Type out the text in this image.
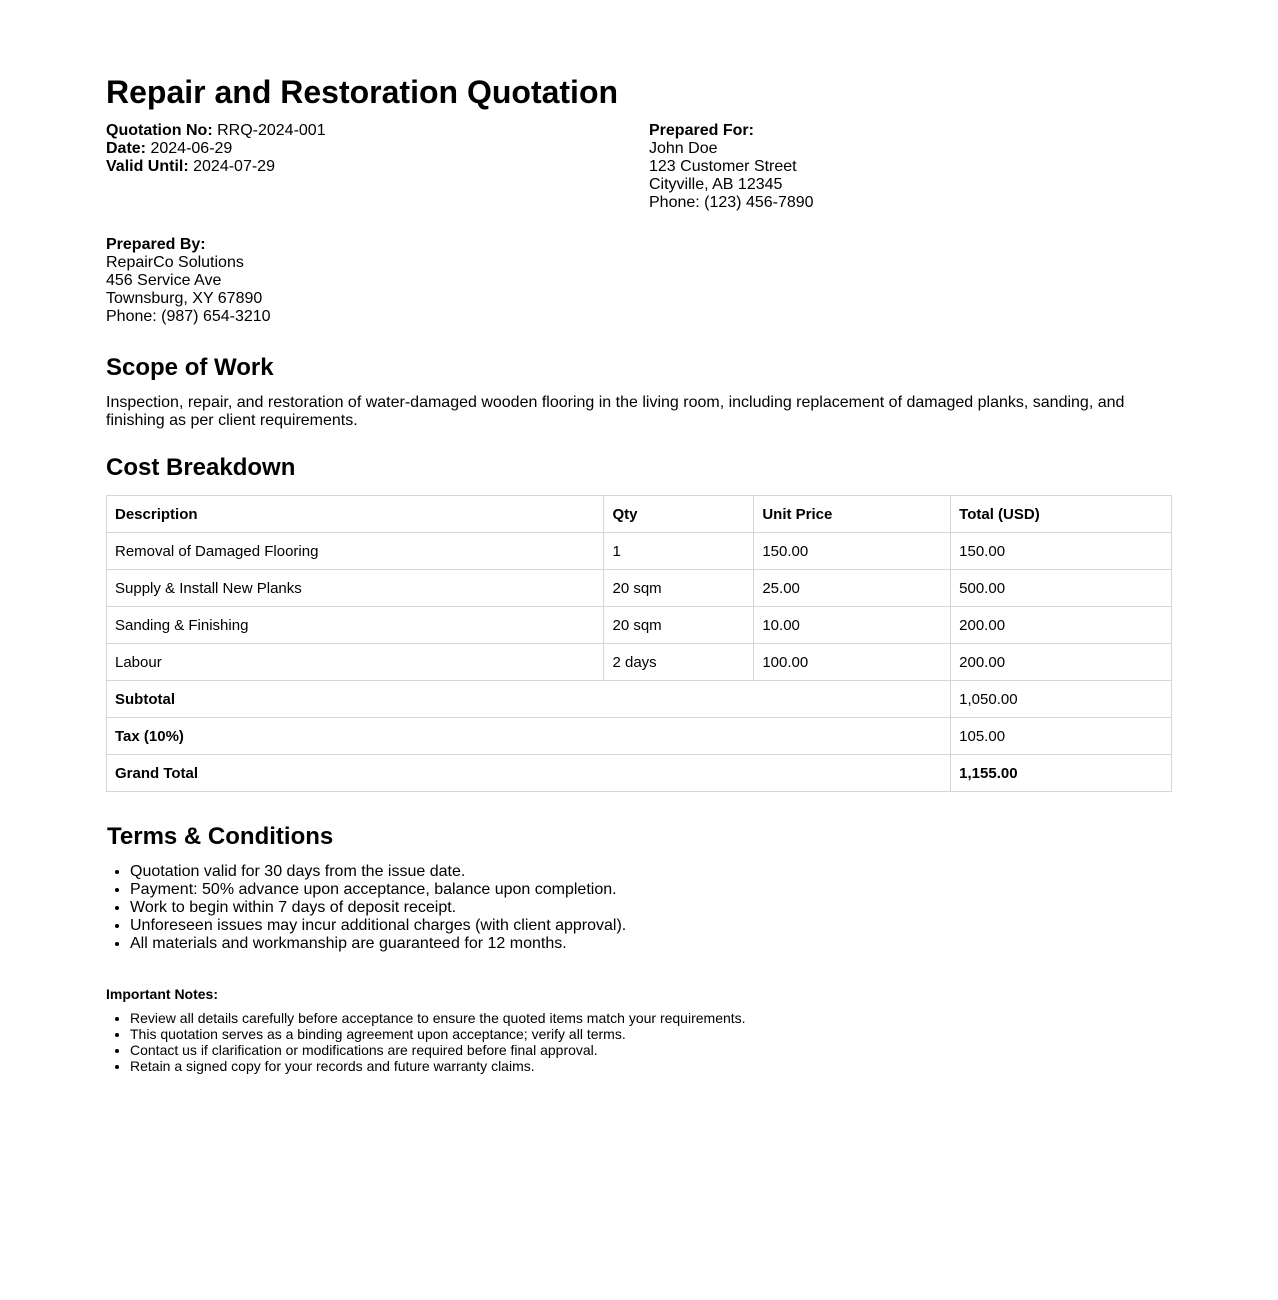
Repair and Restoration Quotation
Quotation No: RRQ-2024-001
Date: 2024-06-29
Valid Until: 2024-07-29
Prepared For:
John Doe
123 Customer Street
Cityville, AB 12345
Phone: (123) 456-7890
Prepared By:
RepairCo Solutions
456 Service Ave
Townsburg, XY 67890
Phone: (987) 654-3210
Scope of Work

Inspection, repair, and restoration of water-damaged wooden flooring in the living room, including replacement of damaged planks, sanding, and finishing as per client requirements.

Cost Breakdown
Description	Qty	Unit Price	Total (USD)
Removal of Damaged Flooring	1	150.00	150.00
Supply & Install New Planks	20 sqm	25.00	500.00
Sanding & Finishing	20 sqm	10.00	200.00
Labour	2 days	100.00	200.00
Subtotal			1,050.00
Tax (10%)			105.00
Grand Total			1,155.00
Terms & Conditions
• Quotation valid for 30 days from the issue date.
• Payment: 50% advance upon acceptance, balance upon completion.
• Work to begin within 7 days of deposit receipt.
• Unforeseen issues may incur additional charges (with client approval).
• All materials and workmanship are guaranteed for 12 months.

Important Notes:

• Review all details carefully before acceptance to ensure the quoted items match your requirements.
• This quotation serves as a binding agreement upon acceptance; verify all terms.
• Contact us if clarification or modifications are required before final approval.
• Retain a signed copy for your records and future warranty claims.
